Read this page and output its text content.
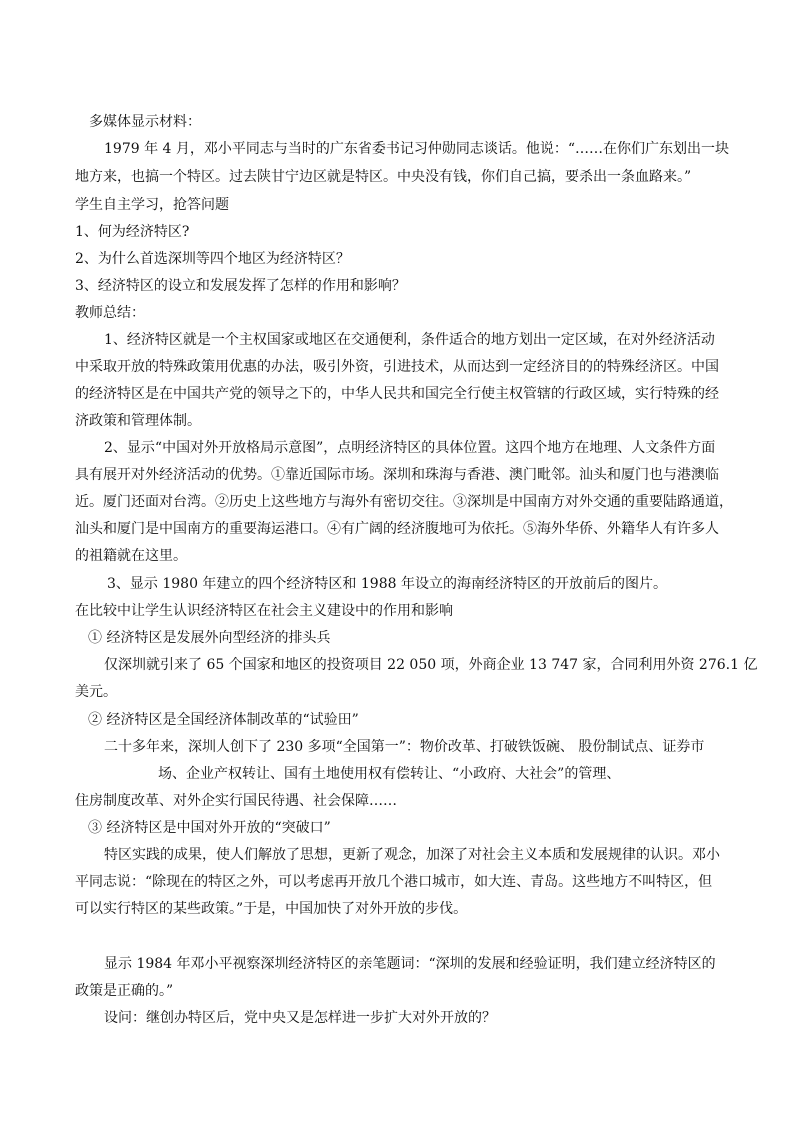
多媒体显示材料：
1979 年 4 月，邓小平同志与当时的广东省委书记习仲勋同志谈话。他说：“……在你们广东划出一块
地方来，也搞一个特区。过去陕甘宁边区就是特区。中央没有钱，你们自己搞，要杀出一条血路来。”
学生自主学习，抢答问题
1、何为经济特区?
2、为什么首选深圳等四个地区为经济特区？
3、经济特区的设立和发展发挥了怎样的作用和影响？
教师总结：
1、经济特区就是一个主权国家或地区在交通便利，条件适合的地方划出一定区域，在对外经济活动
中采取开放的特殊政策用优惠的办法，吸引外资，引进技术，从而达到一定经济目的的特殊经济区。中国
的经济特区是在中国共产党的领导之下的，中华人民共和国完全行使主权管辖的行政区域，实行特殊的经
济政策和管理体制。
2、显示“中国对外开放格局示意图”，点明经济特区的具体位置。这四个地方在地理、人文条件方面
具有展开对外经济活动的优势。①靠近国际市场。深圳和珠海与香港、澳门毗邻。汕头和厦门也与港澳临
近。厦门还面对台湾。②历史上这些地方与海外有密切交往。③深圳是中国南方对外交通的重要陆路通道，
汕头和厦门是中国南方的重要海运港口。④有广阔的经济腹地可为依托。⑤海外华侨、外籍华人有许多人
的祖籍就在这里。
3、显示 1980 年建立的四个经济特区和 1988 年设立的海南经济特区的开放前后的图片。
在比较中让学生认识经济特区在社会主义建设中的作用和影响
① 经济特区是发展外向型经济的排头兵
仅深圳就引来了 65 个国家和地区的投资项目 22 050 项，外商企业 13 747 家，合同利用外资 276.1 亿
美元。
② 经济特区是全国经济体制改革的“试验田”
二十多年来，深圳人创下了 230 多项“全国第一”：物价改革、打破铁饭碗、 股份制试点、证券市
场、企业产权转让、国有土地使用权有偿转让、“小政府、大社会”的管理、
住房制度改革、对外企实行国民待遇、社会保障……
③ 经济特区是中国对外开放的“突破口”
特区实践的成果，使人们解放了思想，更新了观念，加深了对社会主义本质和发展规律的认识。邓小
平同志说：“除现在的特区之外，可以考虑再开放几个港口城市，如大连、青岛。这些地方不叫特区，但
可以实行特区的某些政策。”于是，中国加快了对外开放的步伐。
显示 1984 年邓小平视察深圳经济特区的亲笔题词：“深圳的发展和经验证明，我们建立经济特区的
政策是正确的。”
设问：继创办特区后，党中央又是怎样进一步扩大对外开放的？
